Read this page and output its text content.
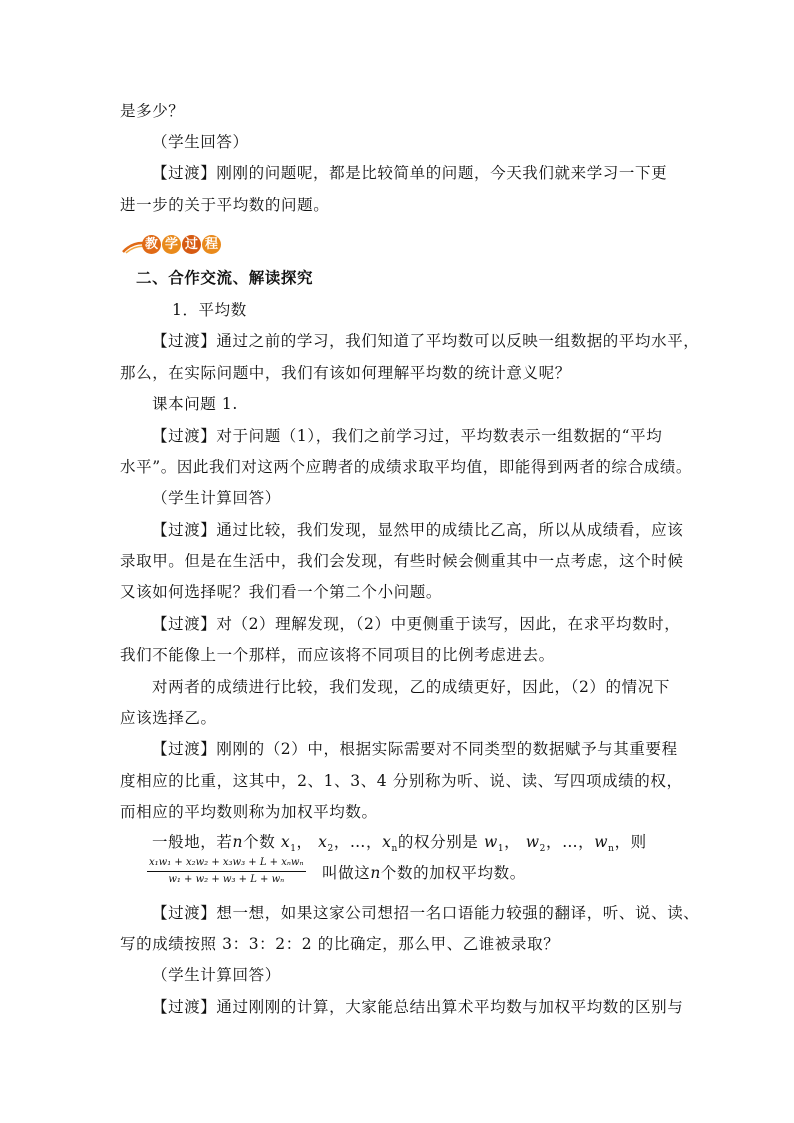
是多少？
（学生回答）
【过渡】刚刚的问题呢，都是比较简单的问题，今天我们就来学习一下更
进一步的关于平均数的问题。
教 学 过 程
二、合作交流、解读探究
1．平均数
【过渡】通过之前的学习，我们知道了平均数可以反映一组数据的平均水平，
那么，在实际问题中，我们有该如何理解平均数的统计意义呢？
课本问题 1.
【过渡】对于问题（1），我们之前学习过，平均数表示一组数据的“平均
水平”。因此我们对这两个应聘者的成绩求取平均值，即能得到两者的综合成绩。
（学生计算回答）
【过渡】通过比较，我们发现，显然甲的成绩比乙高，所以从成绩看，应该
录取甲。但是在生活中，我们会发现，有些时候会侧重其中一点考虑，这个时候
又该如何选择呢？我们看一个第二个小问题。
【过渡】对（2）理解发现，（2）中更侧重于读写，因此，在求平均数时，
我们不能像上一个那样，而应该将不同项目的比例考虑进去。
对两者的成绩进行比较，我们发现，乙的成绩更好，因此，（2）的情况下
应该选择乙。
【过渡】刚刚的（2）中，根据实际需要对不同类型的数据赋予与其重要程
度相应的比重，这其中，2、1、3、4 分别称为听、说、读、写四项成绩的权，
而相应的平均数则称为加权平均数。
一般地，若n个数 $x_1$， $x_2$，…，$x_n$的权分别是 $w_1$， $w_2$，…，$w_n$，则
x₁w₁ + x₂w₂ + x₃w₃ + L + xₙwₙ
w₁ + w₂ + w₃ + L + wₙ	叫做这n个数的加权平均数。
【过渡】想一想，如果这家公司想招一名口语能力较强的翻译，听、说、读、
写的成绩按照 3：3：2：2 的比确定，那么甲、乙谁被录取？
（学生计算回答）
【过渡】通过刚刚的计算，大家能总结出算术平均数与加权平均数的区别与
